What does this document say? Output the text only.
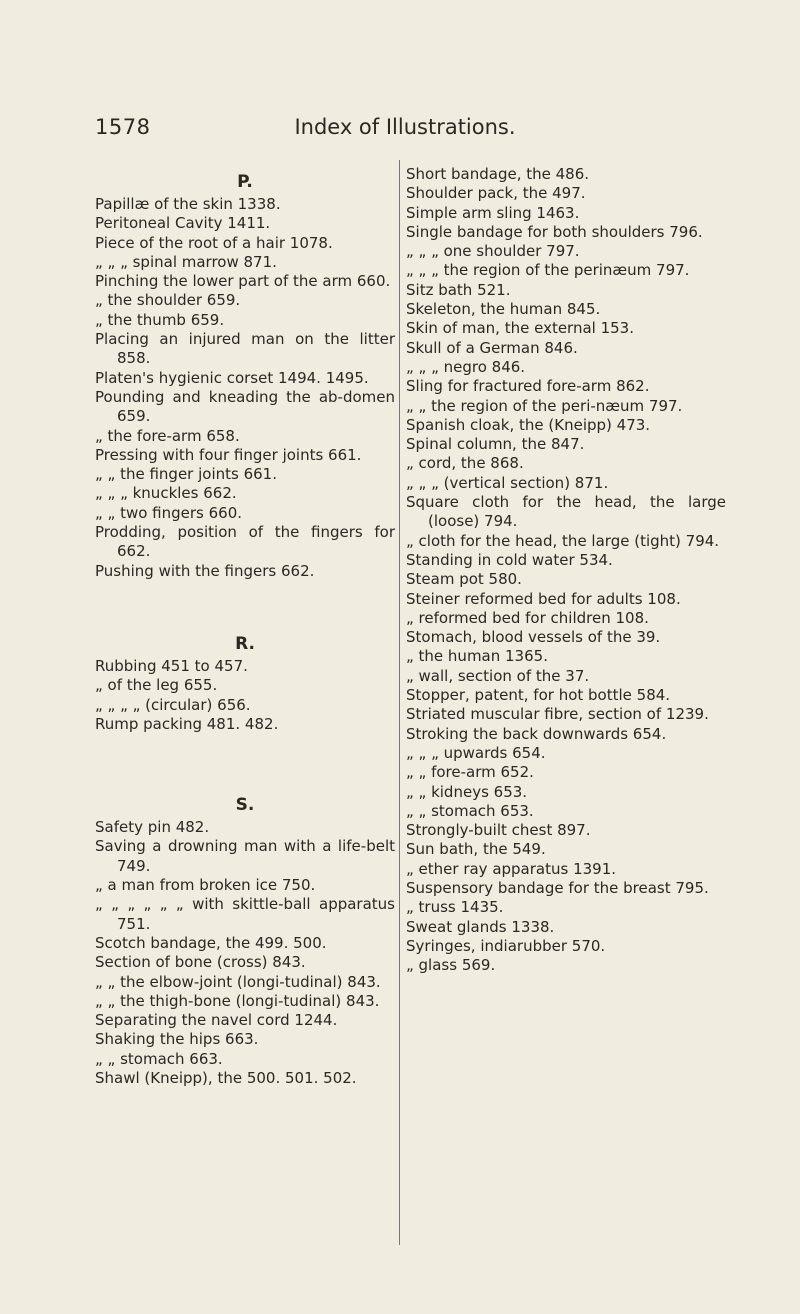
1578	Index of Illustrations.
P.
Papillæ of the skin 1338.
Peritoneal Cavity 1411.
Piece of the root of a hair 1078.
„ „ „ spinal marrow 871.
Pinching the lower part of the arm 660.
„ the shoulder 659.
„ the thumb 659.
Placing an injured man on the litter 858.
Platen's hygienic corset 1494. 1495.
Pounding and kneading the ab-domen 659.
„ the fore-arm 658.
Pressing with four finger joints 661.
„ „ the finger joints 661.
„ „ „ knuckles 662.
„ „ two fingers 660.
Prodding, position of the fingers for 662.
Pushing with the fingers 662.
R.
Rubbing 451 to 457.
„ of the leg 655.
„ „ „ „ (circular) 656.
Rump packing 481. 482.
S.
Safety pin 482.
Saving a drowning man with a life-belt 749.
„ a man from broken ice 750.
„ „ „ „ „ „ with skittle-ball apparatus 751.
Scotch bandage, the 499. 500.
Section of bone (cross) 843.
„ „ the elbow-joint (longi-tudinal) 843.
„ „ the thigh-bone (longi-tudinal) 843.
Separating the navel cord 1244.
Shaking the hips 663.
„ „ stomach 663.
Shawl (Kneipp), the 500. 501. 502.
Short bandage, the 486.
Shoulder pack, the 497.
Simple arm sling 1463.
Single bandage for both shoulders 796.
„ „ „ one shoulder 797.
„ „ „ the region of the perinæum 797.
Sitz bath 521.
Skeleton, the human 845.
Skin of man, the external 153.
Skull of a German 846.
„ „ „ negro 846.
Sling for fractured fore-arm 862.
„ „ the region of the peri-næum 797.
Spanish cloak, the (Kneipp) 473.
Spinal column, the 847.
„ cord, the 868.
„ „ „ (vertical section) 871.
Square cloth for the head, the large (loose) 794.
„ cloth for the head, the large (tight) 794.
Standing in cold water 534.
Steam pot 580.
Steiner reformed bed for adults 108.
„ reformed bed for children 108.
Stomach, blood vessels of the 39.
„ the human 1365.
„ wall, section of the 37.
Stopper, patent, for hot bottle 584.
Striated muscular fibre, section of 1239.
Stroking the back downwards 654.
„ „ „ upwards 654.
„ „ fore-arm 652.
„ „ kidneys 653.
„ „ stomach 653.
Strongly-built chest 897.
Sun bath, the 549.
„ ether ray apparatus 1391.
Suspensory bandage for the breast 795.
„ truss 1435.
Sweat glands 1338.
Syringes, indiarubber 570.
„ glass 569.
